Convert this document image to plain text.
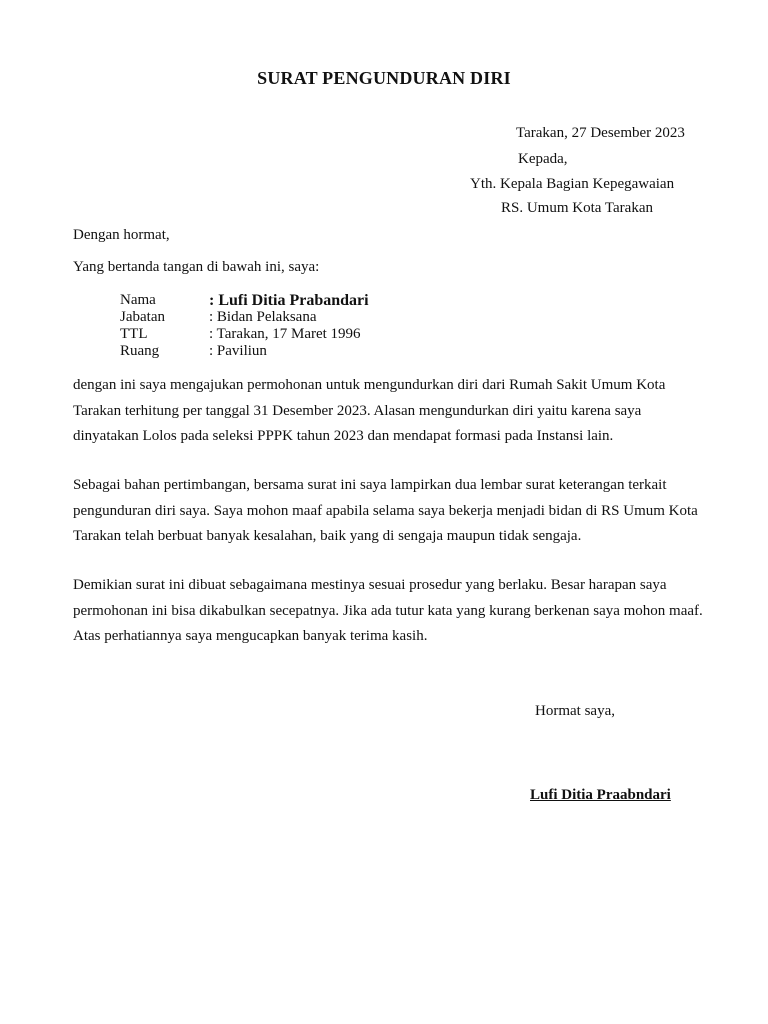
SURAT PENGUNDURAN DIRI
Tarakan, 27 Desember 2023
Kepada,
Yth. Kepala Bagian Kepegawaian
RS. Umum Kota Tarakan
Dengan hormat,
Yang bertanda tangan di bawah ini, saya:
Nama	: Lufi Ditia Prabandari
Jabatan	: Bidan Pelaksana
TTL	: Tarakan, 17 Maret 1996
Ruang	: Paviliun

dengan ini saya mengajukan permohonan untuk mengundurkan diri dari Rumah Sakit Umum Kota Tarakan terhitung per tanggal 31 Desember 2023. Alasan mengundurkan diri yaitu karena saya dinyatakan Lolos pada seleksi PPPK tahun 2023 dan mendapat formasi pada Instansi lain.

Sebagai bahan pertimbangan, bersama surat ini saya lampirkan dua lembar surat keterangan terkait pengunduran diri saya. Saya mohon maaf apabila selama saya bekerja menjadi bidan di RS Umum Kota Tarakan telah berbuat banyak kesalahan, baik yang di sengaja maupun tidak sengaja.

Demikian surat ini dibuat sebagaimana mestinya sesuai prosedur yang berlaku. Besar harapan saya permohonan ini bisa dikabulkan secepatnya. Jika ada tutur kata yang kurang berkenan saya mohon maaf. Atas perhatiannya saya mengucapkan banyak terima kasih.

Hormat saya,
Lufi Ditia Praabndari
